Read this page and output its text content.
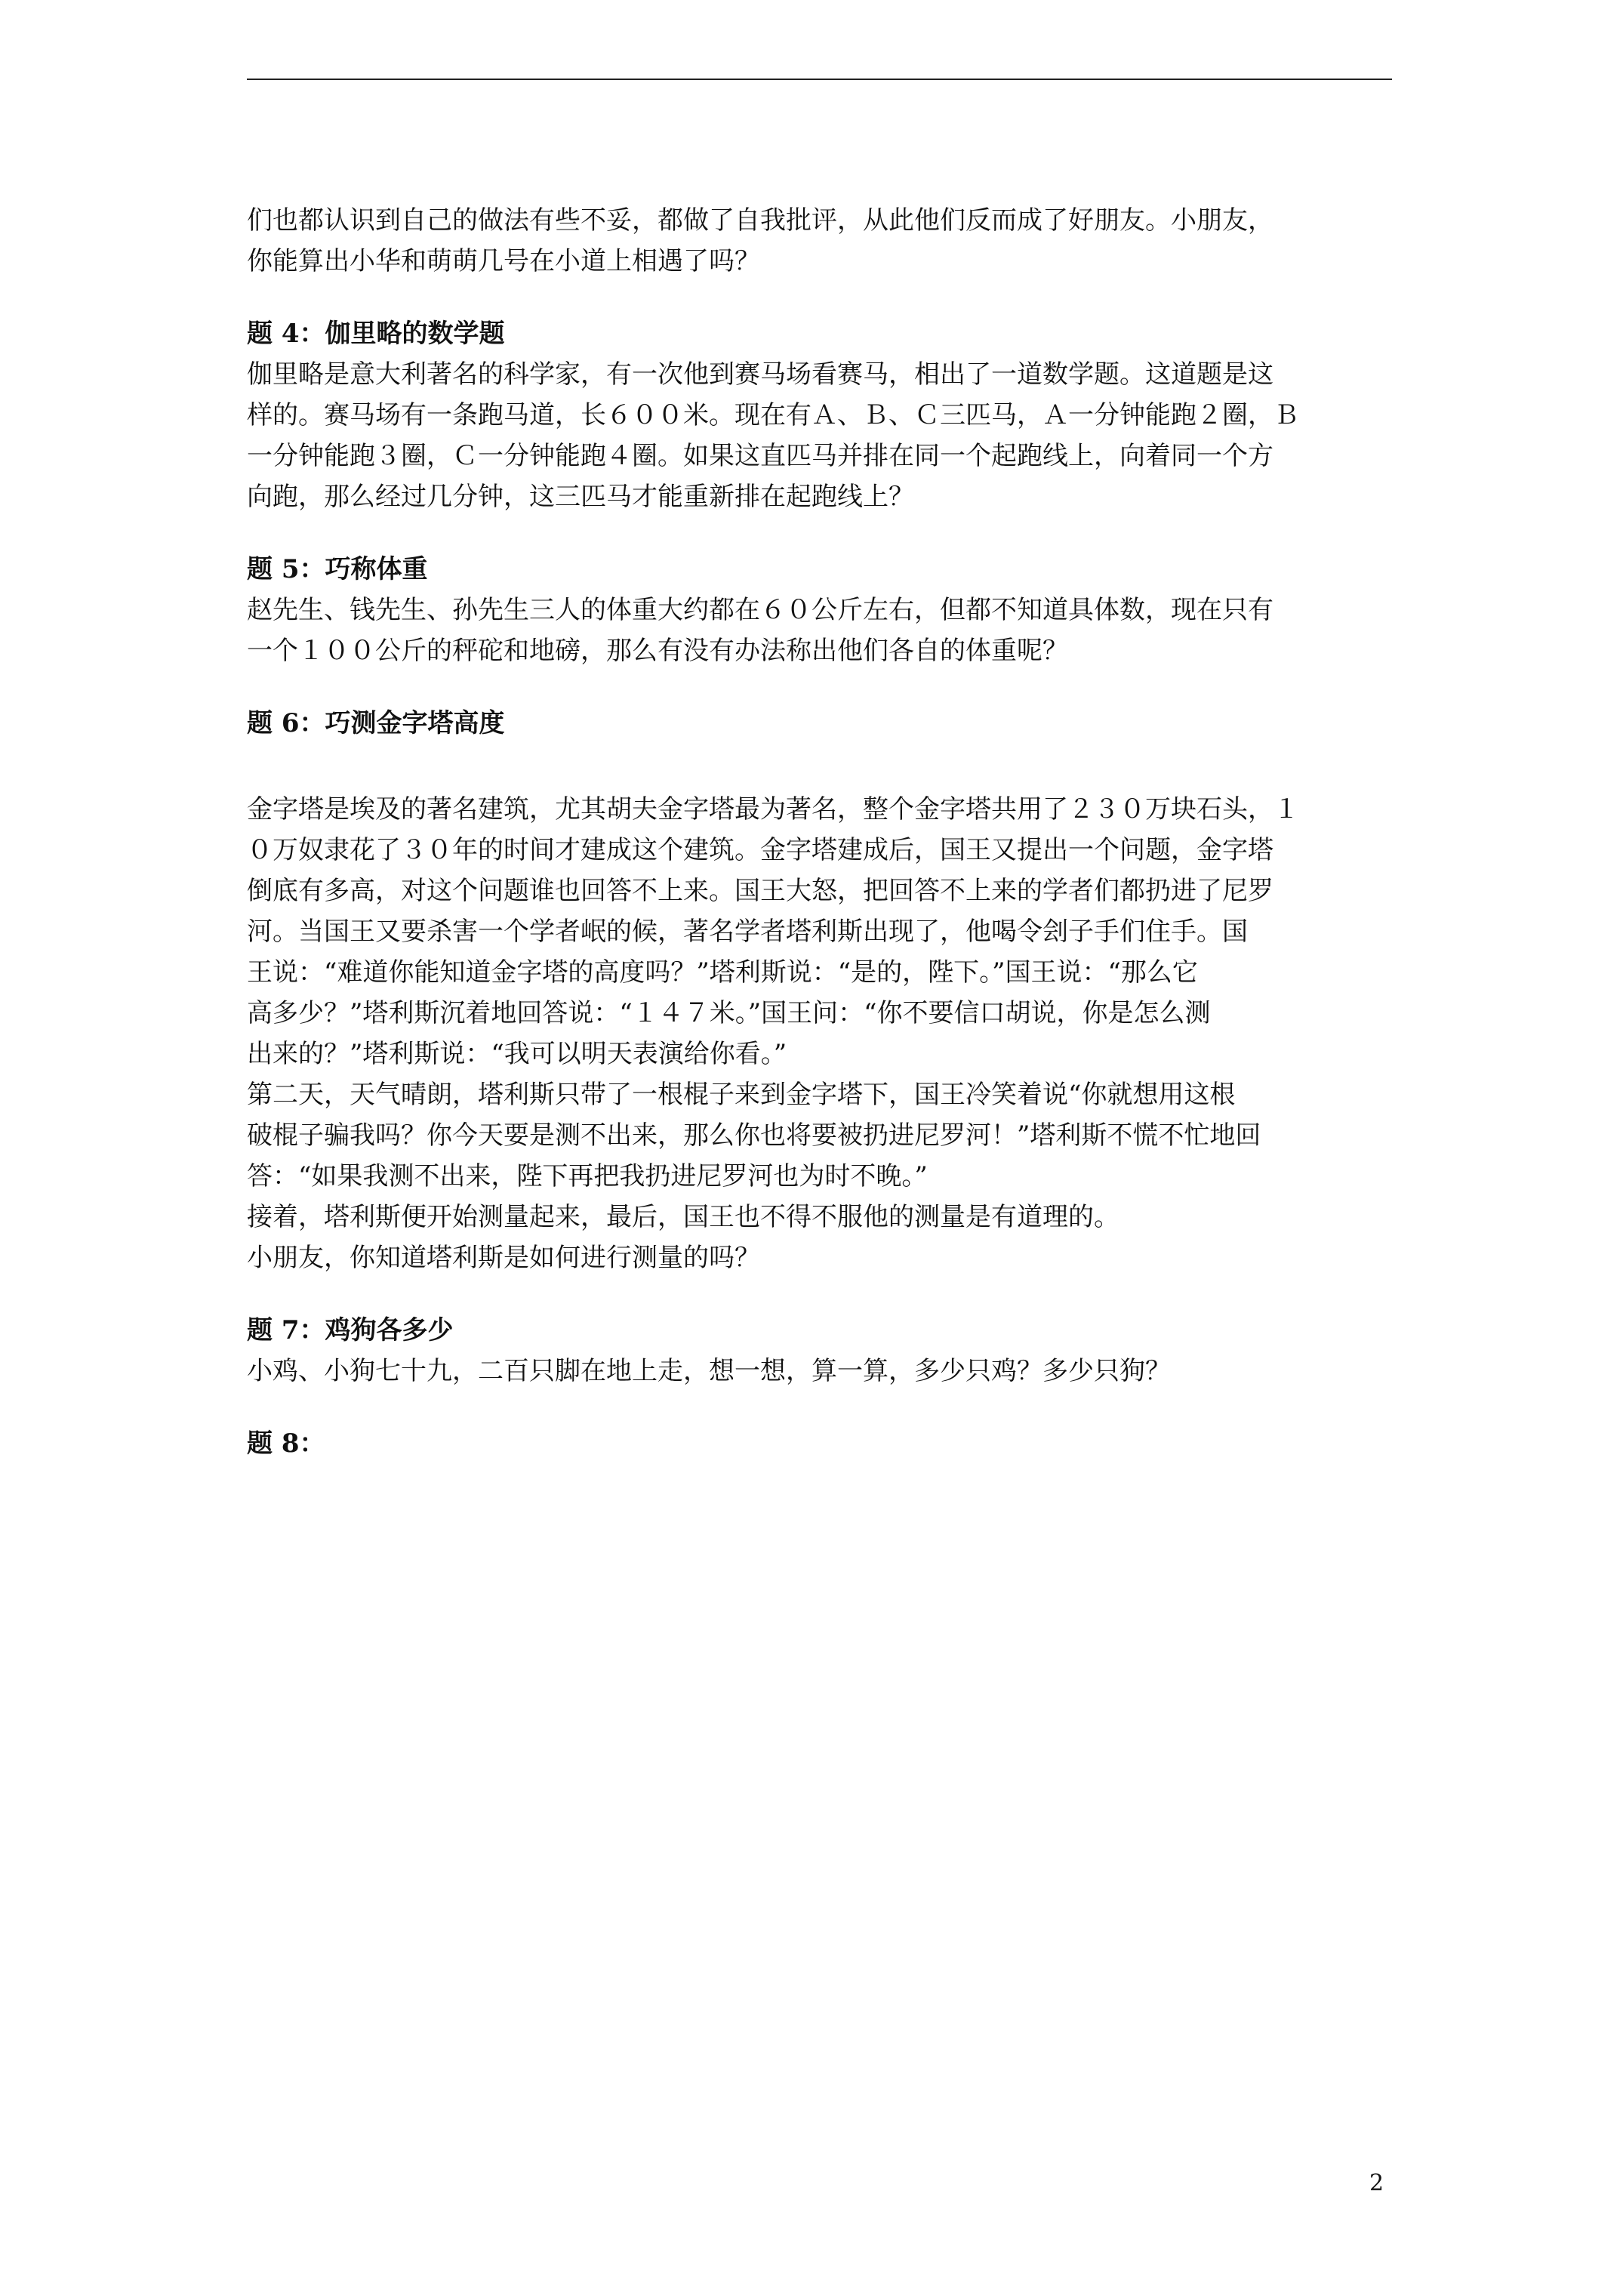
们也都认识到自己的做法有些不妥，都做了自我批评，从此他们反而成了好朋友。小朋友，
你能算出小华和萌萌几号在小道上相遇了吗？
题 4：伽里略的数学题
伽里略是意大利著名的科学家，有一次他到赛马场看赛马，相出了一道数学题。这道题是这
样的。赛马场有一条跑马道，长６００米。现在有Ａ、Ｂ、Ｃ三匹马，Ａ一分钟能跑２圈，Ｂ
一分钟能跑３圈，Ｃ一分钟能跑４圈。如果这直匹马并排在同一个起跑线上，向着同一个方
向跑，那么经过几分钟，这三匹马才能重新排在起跑线上？
题 5：巧称体重
赵先生、钱先生、孙先生三人的体重大约都在６０公斤左右，但都不知道具体数，现在只有
一个１００公斤的秤砣和地磅，那么有没有办法称出他们各自的体重呢？
题 6：巧测金字塔高度
金字塔是埃及的著名建筑，尤其胡夫金字塔最为著名，整个金字塔共用了２３０万块石头，１
０万奴隶花了３０年的时间才建成这个建筑。金字塔建成后，国王又提出一个问题，金字塔
倒底有多高，对这个问题谁也回答不上来。国王大怒，把回答不上来的学者们都扔进了尼罗
河。当国王又要杀害一个学者岷的候，著名学者塔利斯出现了，他喝令刽子手们住手。国
王说：“难道你能知道金字塔的高度吗？”塔利斯说：“是的，陛下。”国王说：“那么它
高多少？”塔利斯沉着地回答说：“１４７米。”国王问：“你不要信口胡说，你是怎么测
出来的？”塔利斯说：“我可以明天表演给你看。”
第二天，天气晴朗，塔利斯只带了一根棍子来到金字塔下，国王冷笑着说“你就想用这根
破棍子骗我吗？你今天要是测不出来，那么你也将要被扔进尼罗河！”塔利斯不慌不忙地回
答：“如果我测不出来，陛下再把我扔进尼罗河也为时不晚。”
接着，塔利斯便开始测量起来，最后，国王也不得不服他的测量是有道理的。
小朋友，你知道塔利斯是如何进行测量的吗？
题 7：鸡狗各多少
小鸡、小狗七十九，二百只脚在地上走，想一想，算一算，多少只鸡？多少只狗？
题 8：
2
